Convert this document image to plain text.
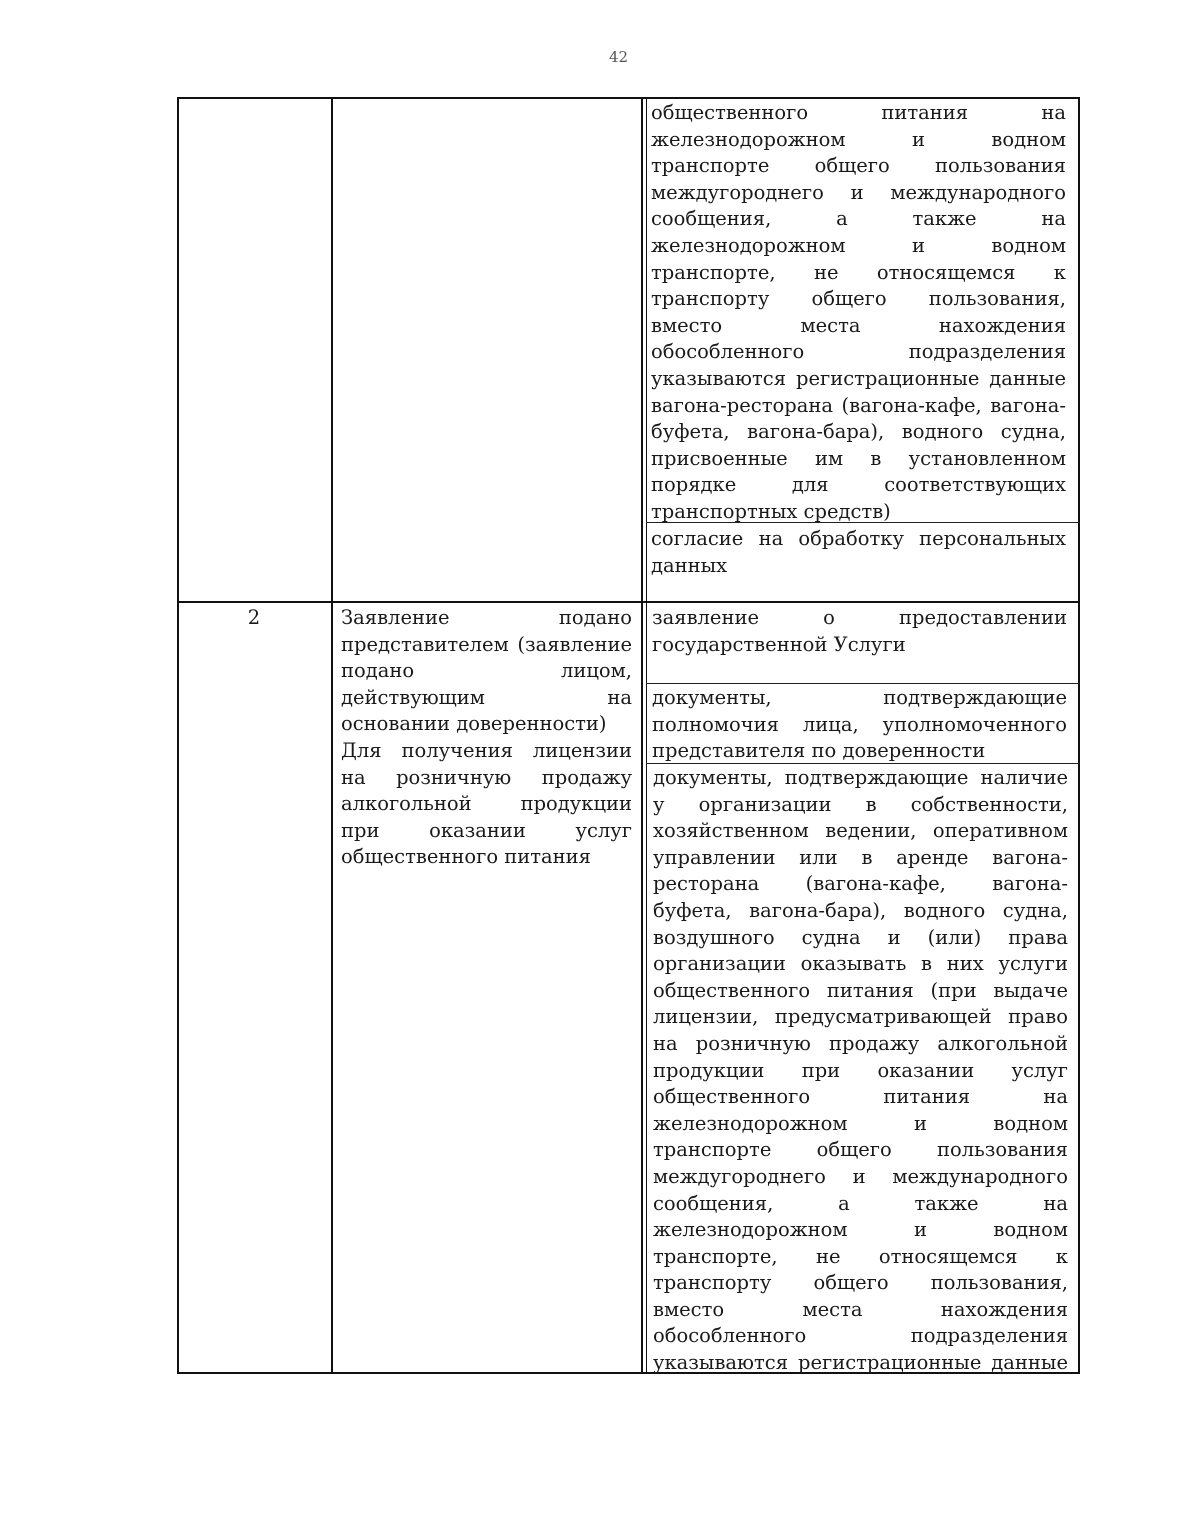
42
общественного питания на железнодорожном и водном транспорте общего пользования междугороднего и международного сообщения, а также на железнодорожном и водном транспорте, не относящемся к транспорту общего пользования, вместо места нахождения обособленного подразделения указываются регистрационные данные вагона-ресторана (вагона-кафе, вагона- буфета, вагона-бара), водного судна, присвоенные им в установленном порядке для соответствующих
транспортных средств)
согласие на обработку персональных
данных
2	Заявление подано представителем (заявление подано лицом, действующим на
основании доверенности)
Для получения лицензии на розничную продажу алкогольной продукции при оказании услуг
общественного питания
заявление о предоставлении
государственной Услуги
документы, подтверждающие полномочия лица, уполномоченного
представителя по доверенности
документы, подтверждающие наличие у организации в собственности, хозяйственном ведении, оперативном управлении или в аренде вагона- ресторана (вагона-кафе, вагона- буфета, вагона-бара), водного судна, воздушного судна и (или) права организации оказывать в них услуги общественного питания (при выдаче лицензии, предусматривающей право на розничную продажу алкогольной продукции при оказании услуг общественного питания на железнодорожном и водном транспорте общего пользования междугороднего и международного сообщения, а также на железнодорожном и водном транспорте, не относящемся к транспорту общего пользования, вместо места нахождения обособленного подразделения указываются регистрационные данные
